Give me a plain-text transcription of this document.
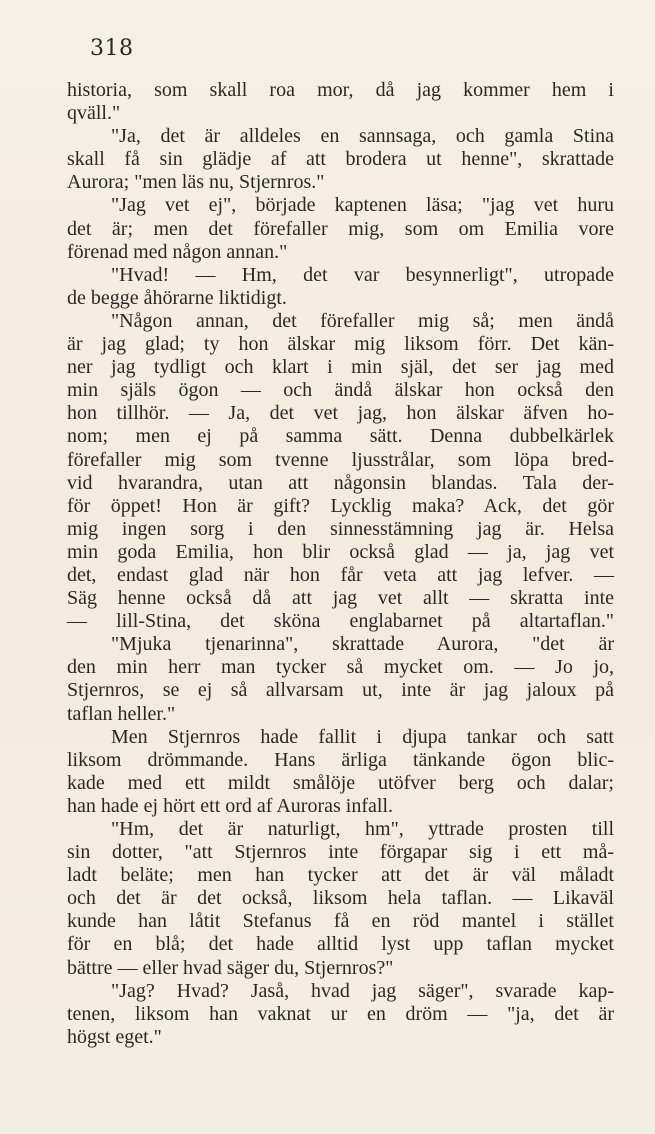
318
historia, som skall roa mor, då jag kommer hem i
qväll."
"Ja, det är alldeles en sannsaga, och gamla Stina
skall få sin glädje af att brodera ut henne", skrattade
Aurora; "men läs nu, Stjernros."
"Jag vet ej", började kaptenen läsa; "jag vet huru
det är; men det förefaller mig, som om Emilia vore
förenad med någon annan."
"Hvad! — Hm, det var besynnerligt", utropade
de begge åhörarne liktidigt.
"Någon annan, det förefaller mig så; men ändå
är jag glad; ty hon älskar mig liksom förr. Det kän-
ner jag tydligt och klart i min själ, det ser jag med
min själs ögon — och ändå älskar hon också den
hon tillhör. — Ja, det vet jag, hon älskar äfven ho-
nom; men ej på samma sätt. Denna dubbelkärlek
förefaller mig som tvenne ljusstrålar, som löpa bred-
vid hvarandra, utan att någonsin blandas. Tala der-
för öppet! Hon är gift? Lycklig maka? Ack, det gör
mig ingen sorg i den sinnesstämning jag är. Helsa
min goda Emilia, hon blir också glad — ja, jag vet
det, endast glad när hon får veta att jag lefver. —
Säg henne också då att jag vet allt — skratta inte
— lill-Stina, det sköna englabarnet på altartaflan."
"Mjuka tjenarinna", skrattade Aurora, "det är
den min herr man tycker så mycket om. — Jo jo,
Stjernros, se ej så allvarsam ut, inte är jag jaloux på
taflan heller."
Men Stjernros hade fallit i djupa tankar och satt
liksom drömmande. Hans ärliga tänkande ögon blic-
kade med ett mildt smålöje utöfver berg och dalar;
han hade ej hört ett ord af Auroras infall.
"Hm, det är naturligt, hm", yttrade prosten till
sin dotter, "att Stjernros inte förgapar sig i ett må-
ladt beläte; men han tycker att det är väl måladt
och det är det också, liksom hela taflan. — Likaväl
kunde han låtit Stefanus få en röd mantel i stället
för en blå; det hade alltid lyst upp taflan mycket
bättre — eller hvad säger du, Stjernros?"
"Jag? Hvad? Jaså, hvad jag säger", svarade kap-
tenen, liksom han vaknat ur en dröm — "ja, det är
högst eget."
